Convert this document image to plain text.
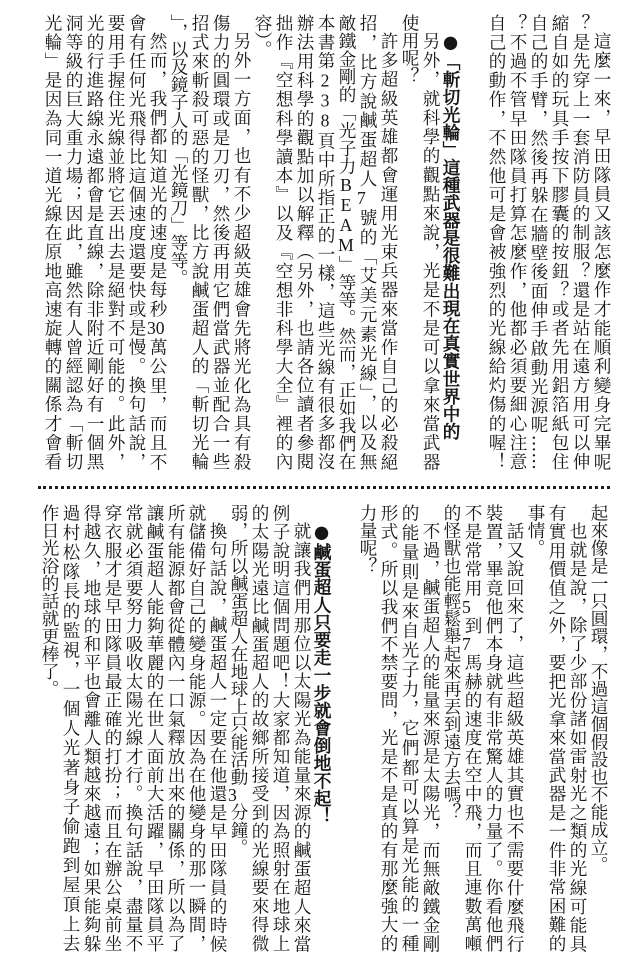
這麼一來，早田隊員又該怎麼作才能順利變身完畢呢
？是先穿上一套消防員的制服？還是站在遠方用可以伸
縮自如的玩具手按下膠囊的按鈕？或者先用鋁箔紙包住
自己的手臂，然後再躲在牆壁後面伸手啟動光源呢……
？不過不管早田隊員打算怎麼作，他都必須要細心注意
自己的動作，不然他可是會被強烈的光線給灼傷的喔！
●「斬切光輪」這種武器是很難出現在真實世界中的
另外，就科學的觀點來說，光是不是可以拿來當武器
使用呢？
許多超級英雄都會運用光束兵器來當作自己的必殺絕
招，比方說鹹蛋超人7號的「艾美元素光線」，以及無
敵鐵金剛的「光子力BEAM」等等。然而，正如我們在
本書第238頁中所指正的一樣，這些光線有很多都沒
辦法用科學的觀點加以解釋（另外，也請各位讀者參閱
拙作『空想科學讀本』以及『空想非科學大全』裡的內
容）。
另外一方面，也有不少超級英雄會先將光化為具有殺
傷力的圓環或是刀刃，然後再用它們當武器並配合一些
招式來斬殺可惡的怪獸，比方說鹹蛋超人的「斬切光輪
」，以及鏡子人的「光鏡刀」等等。
然而，我們都知道光的速度是每秒30萬公里，而且不
會有任何光飛得比這個速度還要快或是慢。換句話說，
要用手握住光線並將它丟出去是絕對不可能的。此外，
光的行進路線永遠都會是直線，除非附近剛好有一個黑
洞等級的巨大重力場；因此，雖然有人曾經認為「斬切
光輪」是因為同一道光線在原地高速旋轉的關係才會看
起來像是一只圓環，不過這個假設也不能成立。
也就是說，除了少部份諸如雷射光之類的光線可能具
有實用價值之外，要把光拿來當武器是一件非常困難的
事情。
話又說回來了，這些超級英雄其實也不需要什麼飛行
裝置，畢竟他們本身就有非常驚人的力量了。你看他們
不是常常用5到7馬赫的速度在空中飛，而且連數萬噸
的怪獸也能輕鬆舉起來再丟到遠方去嗎？
不過，鹹蛋超人的能量來源是太陽光，而無敵鐵金剛
的能量則是來自光子力，它們都可以算是光能的一種
形式。所以我們不禁要問，光是不是真的有那麼強大的
力量呢？
●鹹蛋超人只要走一步就會倒地不起！
就讓我們用那位以太陽光為能量來源的鹹蛋超人來當
例子說明這個問題吧！大家都知道，因為照射在地球上
的太陽光遠比鹹蛋超人的故鄉所接受到的光線要來得微
弱，所以鹹蛋超人在地球上只能活動3分鐘。
換句話說，鹹蛋超人一定要在他還是早田隊員的時候
就儲備好自己的變身能源。因為在他變身的那一瞬間，
所有能源都會從體內一口氣釋放出來的關係，所以為了
讓鹹蛋超人能夠華麗的在世人面前大活躍，早田隊員平
常就必須要努力吸收太陽光線才行。換句話說，盡量不
穿衣服才是早田隊員最正確的打扮；而且在辦公桌前坐
得越久，地球的和平也會離人類越來越遠；如果能夠躲
過村松隊長的監視，一個人光著身子偷跑到屋頂上去
作日光浴的話就更棒了。
